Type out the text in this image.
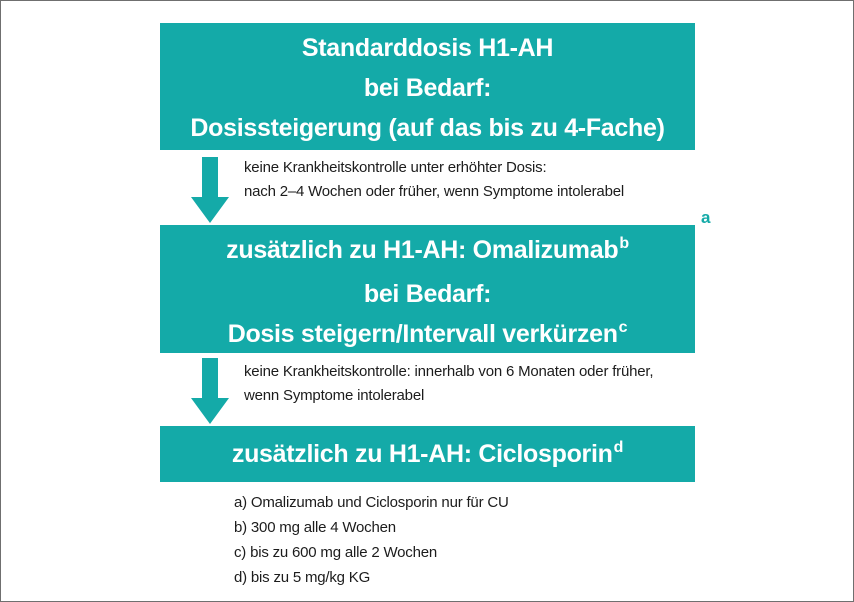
Standarddosis H1-AH
bei Bedarf:
Dosissteigerung (auf das bis zu 4-Fache)
keine Krankheitskontrolle unter erhöhter Dosis:
nach 2–4 Wochen oder früher, wenn Symptome intolerabel
a
zusätzlich zu H1-AH: Omalizumab$^b$
bei Bedarf:
Dosis steigern/Intervall verkürzen$^c$
keine Krankheitskontrolle: innerhalb von 6 Monaten oder früher,
wenn Symptome intolerabel
zusätzlich zu H1-AH: Ciclosporin$^d$
a) Omalizumab und Ciclosporin nur für CU
b) 300 mg alle 4 Wochen
c) bis zu 600 mg alle 2 Wochen
d) bis zu 5 mg/kg KG
